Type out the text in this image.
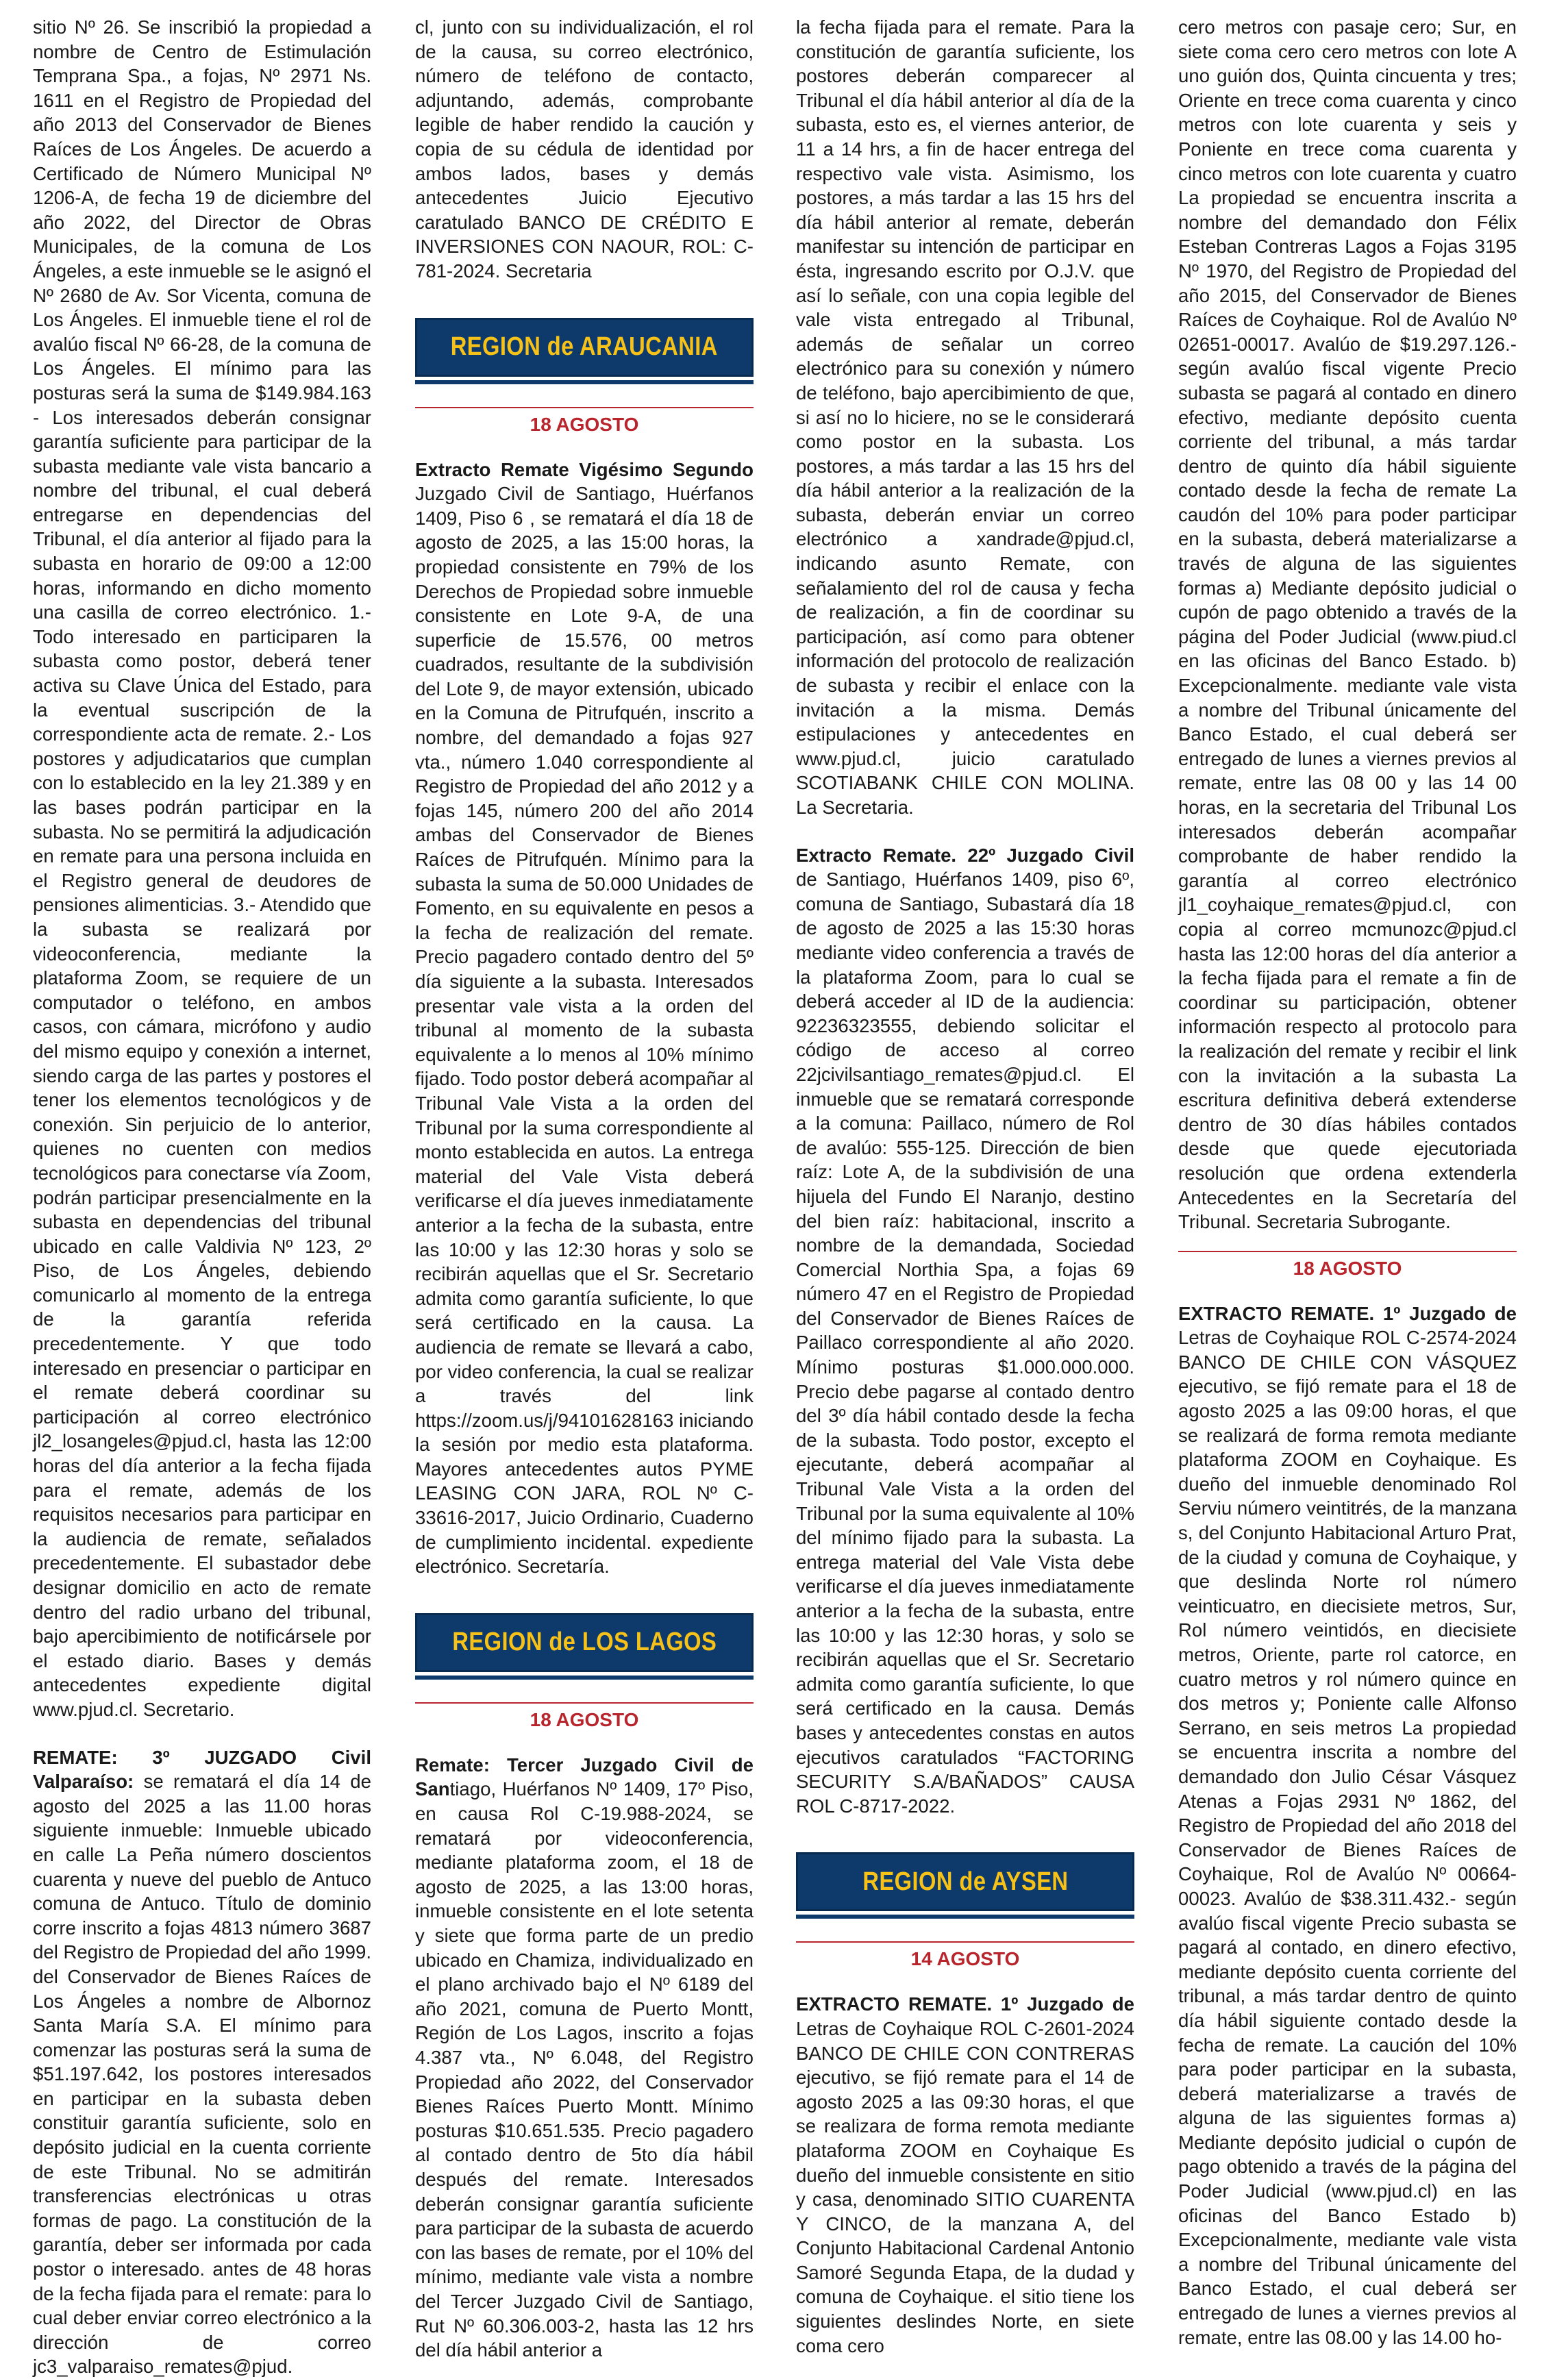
sitio Nº 26. Se inscribió la propiedad a nombre de Centro de Estimulación Temprana Spa., a fojas, Nº 2971 Ns. 1611 en el Registro de Propiedad del año 2013 del Conservador de Bienes Raíces de Los Ángeles. De acuerdo a Certificado de Número Municipal Nº 1206-A, de fecha 19 de diciembre del año 2022, del Director de Obras Municipales, de la comuna de Los Ángeles, a este inmueble se le asignó el Nº 2680 de Av. Sor Vicenta, comuna de Los Ángeles. El inmueble tiene el rol de avalúo fiscal Nº 66-28, de la comuna de Los Ángeles. El mínimo para las posturas será la suma de $149.984.163 - Los interesados deberán consignar garantía suficiente para participar de la subasta mediante vale vista bancario a nombre del tribunal, el cual deberá entregarse en dependencias del Tribunal, el día anterior al fijado para la subasta en horario de 09:00 a 12:00 horas, informando en dicho momento una casilla de correo electrónico. 1.- Todo interesado en participaren la subasta como postor, deberá tener activa su Clave Única del Estado, para la eventual suscripción de la correspondiente acta de remate. 2.- Los postores y adjudicatarios que cumplan con lo establecido en la ley 21.389 y en las bases podrán participar en la subasta. No se permitirá la adjudicación en remate para una persona incluida en el Registro general de deudores de pensiones alimenticias. 3.- Atendido que la subasta se realizará por videoconferencia, mediante la plataforma Zoom, se requiere de un computador o teléfono, en ambos casos, con cámara, micrófono y audio del mismo equipo y conexión a internet, siendo carga de las partes y postores el tener los elementos tecnológicos y de conexión. Sin perjuicio de lo anterior, quienes no cuenten con medios tecnológicos para conectarse vía Zoom, podrán participar presencialmente en la subasta en dependencias del tribunal ubicado en calle Valdivia Nº 123, 2º Piso, de Los Ángeles, debiendo comunicarlo al momento de la entrega de la garantía referida precedentemente. Y que todo interesado en presenciar o participar en el remate deberá coordinar su participación al correo electrónico jl2_losangeles@pjud.cl, hasta las 12:00 horas del día anterior a la fecha fijada para el remate, además de los requisitos necesarios para participar en la audiencia de remate, señalados precedentemente. El subastador debe designar domicilio en acto de remate dentro del radio urbano del tribunal, bajo apercibimiento de notificársele por el estado diario. Bases y demás antecedentes expediente digital www.pjud.cl. Secretario.

REMATE: 3º JUZGADO Civil Valparaíso: se rematará el día 14 de agosto del 2025 a las 11.00 horas siguiente inmueble: Inmueble ubicado en calle La Peña número doscientos cuarenta y nueve del pueblo de Antuco comuna de Antuco. Título de dominio corre inscrito a fojas 4813 número 3687 del Registro de Propiedad del año 1999. del Conservador de Bienes Raíces de Los Ángeles a nombre de Albornoz Santa María S.A. El mínimo para comenzar las posturas será la suma de $51.197.642, los postores interesados en participar en la subasta deben constituir garantía suficiente, solo en depósito judicial en la cuenta corriente de este Tribunal. No se admitirán transferencias electrónicas u otras formas de pago. La constitución de la garantía, deber ser informada por cada postor o interesado. antes de 48 horas de la fecha fijada para el remate: para lo cual deber enviar correo electrónico a la dirección de correo jc3_valparaiso_remates@pjud.

cl, junto con su individualización, el rol de la causa, su correo electrónico, número de teléfono de contacto, adjuntando, además, comprobante legible de haber rendido la caución y copia de su cédula de identidad por ambos lados, bases y demás antecedentes Juicio Ejecutivo caratulado BANCO DE CRÉDITO E INVERSIONES CON NAOUR, ROL: C-781-2024. Secretaria

REGION de ARAUCANIA

18 AGOSTO

Extracto Remate Vigésimo Segundo Juzgado Civil de Santiago, Huérfanos 1409, Piso 6 , se rematará el día 18 de agosto de 2025, a las 15:00 horas, la propiedad consistente en 79% de los Derechos de Propiedad sobre inmueble consistente en Lote 9-A, de una superficie de 15.576, 00 metros cuadrados, resultante de la subdivisión del Lote 9, de mayor extensión, ubicado en la Comuna de Pitrufquén, inscrito a nombre, del demandado a fojas 927 vta., número 1.040 correspondiente al Registro de Propiedad del año 2012 y a fojas 145, número 200 del año 2014 ambas del Conservador de Bienes Raíces de Pitrufquén. Mínimo para la subasta la suma de 50.000 Unidades de Fomento, en su equivalente en pesos a la fecha de realización del remate. Precio pagadero contado dentro del 5º día siguiente a la subasta. Interesados presentar vale vista a la orden del tribunal al momento de la subasta equivalente a lo menos al 10% mínimo fijado. Todo postor deberá acompañar al Tribunal Vale Vista a la orden del Tribunal por la suma correspondiente al monto establecida en autos. La entrega material del Vale Vista deberá verificarse el día jueves inmediatamente anterior a la fecha de la subasta, entre las 10:00 y las 12:30 horas y solo se recibirán aquellas que el Sr. Secretario admita como garantía suficiente, lo que será certificado en la causa. La audiencia de remate se llevará a cabo, por video conferencia, la cual se realizar a través del link https://zoom.us/j/94101628163 iniciando la sesión por medio esta plataforma. Mayores antecedentes autos PYME LEASING CON JARA, ROL Nº C-33616-2017, Juicio Ordinario, Cuaderno de cumplimiento incidental. expediente electrónico. Secretaría.

REGION de LOS LAGOS

18 AGOSTO

Remate: Tercer Juzgado Civil de Santiago, Huérfanos Nº 1409, 17º Piso, en causa Rol C-19.988-2024, se rematará por videoconferencia, mediante plataforma zoom, el 18 de agosto de 2025, a las 13:00 horas, inmueble consistente en el lote setenta y siete que forma parte de un predio ubicado en Chamiza, individualizado en el plano archivado bajo el Nº 6189 del año 2021, comuna de Puerto Montt, Región de Los Lagos, inscrito a fojas 4.387 vta., Nº 6.048, del Registro Propiedad año 2022, del Conservador Bienes Raíces Puerto Montt. Mínimo posturas $10.651.535. Precio pagadero al contado dentro de 5to día hábil después del remate. Interesados deberán consignar garantía suficiente para participar de la subasta de acuerdo con las bases de remate, por el 10% del mínimo, mediante vale vista a nombre del Tercer Juzgado Civil de Santiago, Rut Nº 60.306.003-2, hasta las 12 hrs del día hábil anterior a

la fecha fijada para el remate. Para la constitución de garantía suficiente, los postores deberán comparecer al Tribunal el día hábil anterior al día de la subasta, esto es, el viernes anterior, de 11 a 14 hrs, a fin de hacer entrega del respectivo vale vista. Asimismo, los postores, a más tardar a las 15 hrs del día hábil anterior al remate, deberán manifestar su intención de participar en ésta, ingresando escrito por O.J.V. que así lo señale, con una copia legible del vale vista entregado al Tribunal, además de señalar un correo electrónico para su conexión y número de teléfono, bajo apercibimiento de que, si así no lo hiciere, no se le considerará como postor en la subasta. Los postores, a más tardar a las 15 hrs del día hábil anterior a la realización de la subasta, deberán enviar un correo electrónico a xandrade@pjud.cl, indicando asunto Remate, con señalamiento del rol de causa y fecha de realización, a fin de coordinar su participación, así como para obtener información del protocolo de realización de subasta y recibir el enlace con la invitación a la misma. Demás estipulaciones y antecedentes en www.pjud.cl, juicio caratulado SCOTIABANK CHILE CON MOLINA. La Secretaria.

Extracto Remate. 22º Juzgado Civil de Santiago, Huérfanos 1409, piso 6º, comuna de Santiago, Subastará día 18 de agosto de 2025 a las 15:30 horas mediante video conferencia a través de la plataforma Zoom, para lo cual se deberá acceder al ID de la audiencia: 92236323555, debiendo solicitar el código de acceso al correo 22jcivilsantiago_remates@pjud.cl. El inmueble que se rematará corresponde a la comuna: Paillaco, número de Rol de avalúo: 555-125. Dirección de bien raíz: Lote A, de la subdivisión de una hijuela del Fundo El Naranjo, destino del bien raíz: habitacional, inscrito a nombre de la demandada, Sociedad Comercial Northia Spa, a fojas 69 número 47 en el Registro de Propiedad del Conservador de Bienes Raíces de Paillaco correspondiente al año 2020. Mínimo posturas $1.000.000.000. Precio debe pagarse al contado dentro del 3º día hábil contado desde la fecha de la subasta. Todo postor, excepto el ejecutante, deberá acompañar al Tribunal Vale Vista a la orden del Tribunal por la suma equivalente al 10% del mínimo fijado para la subasta. La entrega material del Vale Vista debe verificarse el día jueves inmediatamente anterior a la fecha de la subasta, entre las 10:00 y las 12:30 horas, y solo se recibirán aquellas que el Sr. Secretario admita como garantía suficiente, lo que será certificado en la causa. Demás bases y antecedentes constas en autos ejecutivos caratulados “FACTORING SECURITY S.A/BAÑADOS” CAUSA ROL C-8717-2022.

REGION de AYSEN

14 AGOSTO

EXTRACTO REMATE. 1º Juzgado de Letras de Coyhaique ROL C-2601-2024 BANCO DE CHILE CON CONTRERAS ejecutivo, se fijó remate para el 14 de agosto 2025 a las 09:30 horas, el que se realizara de forma remota mediante plataforma ZOOM en Coyhaique Es dueño del inmueble consistente en sitio y casa, denominado SITIO CUARENTA Y CINCO, de la manzana A, del Conjunto Habitacional Cardenal Antonio Samoré Segunda Etapa, de la dudad y comuna de Coyhaique. el sitio tiene los siguientes deslindes Norte, en siete coma cero

cero metros con pasaje cero; Sur, en siete coma cero cero metros con lote A uno guión dos, Quinta cincuenta y tres; Oriente en trece coma cuarenta y cinco metros con lote cuarenta y seis y Poniente en trece coma cuarenta y cinco metros con lote cuarenta y cuatro La propiedad se encuentra inscrita a nombre del demandado don Félix Esteban Contreras Lagos a Fojas 3195 Nº 1970, del Registro de Propiedad del año 2015, del Conservador de Bienes Raíces de Coyhaique. Rol de Avalúo Nº 02651-00017. Avalúo de $19.297.126.- según avalúo fiscal vigente Precio subasta se pagará al contado en dinero efectivo, mediante depósito cuenta corriente del tribunal, a más tardar dentro de quinto día hábil siguiente contado desde la fecha de remate La caudón del 10% para poder participar en la subasta, deberá materializarse a través de alguna de las siguientes formas a) Mediante depósito judicial o cupón de pago obtenido a través de la página del Poder Judicial (www.piud.cl en las oficinas del Banco Estado. b) Excepcionalmente. mediante vale vista a nombre del Tribunal únicamente del Banco Estado, el cual deberá ser entregado de lunes a viernes previos al remate, entre las 08 00 y las 14 00 horas, en la secretaria del Tribunal Los interesados deberán acompañar comprobante de haber rendido la garantía al correo electrónico jl1_coyhaique_remates@pjud.cl, con copia al correo mcmunozc@pjud.cl hasta las 12:00 horas del día anterior a la fecha fijada para el remate a fin de coordinar su participación, obtener información respecto al protocolo para la realización del remate y recibir el link con la invitación a la subasta La escritura definitiva deberá extenderse dentro de 30 días hábiles contados desde que quede ejecutoriada resolución que ordena extenderla Antecedentes en la Secretaría del Tribunal. Secretaria Subrogante.

18 AGOSTO

EXTRACTO REMATE. 1º Juzgado de Letras de Coyhaique ROL C-2574-2024 BANCO DE CHILE CON VÁSQUEZ ejecutivo, se fijó remate para el 18 de agosto 2025 a las 09:00 horas, el que se realizará de forma remota mediante plataforma ZOOM en Coyhaique. Es dueño del inmueble denominado Rol Serviu número veintitrés, de la manzana s, del Conjunto Habitacional Arturo Prat, de la ciudad y comuna de Coyhaique, y que deslinda Norte rol número veinticuatro, en diecisiete metros, Sur, Rol número veintidós, en diecisiete metros, Oriente, parte rol catorce, en cuatro metros y rol número quince en dos metros y; Poniente calle Alfonso Serrano, en seis metros La propiedad se encuentra inscrita a nombre del demandado don Julio César Vásquez Atenas a Fojas 2931 Nº 1862, del Registro de Propiedad del año 2018 del Conservador de Bienes Raíces de Coyhaique, Rol de Avalúo Nº 00664-00023. Avalúo de $38.311.432.- según avalúo fiscal vigente Precio subasta se pagará al contado, en dinero efectivo, mediante depósito cuenta corriente del tribunal, a más tardar dentro de quinto día hábil siguiente contado desde la fecha de remate. La caución del 10% para poder participar en la subasta, deberá materializarse a través de alguna de las siguientes formas a) Mediante depósito judicial o cupón de pago obtenido a través de la página del Poder Judicial (www.pjud.cl) en las oficinas del Banco Estado b) Excepcionalmente, mediante vale vista a nombre del Tribunal únicamente del Banco Estado, el cual deberá ser entregado de lunes a viernes previos al remate, entre las 08.00 y las 14.00 ho-
